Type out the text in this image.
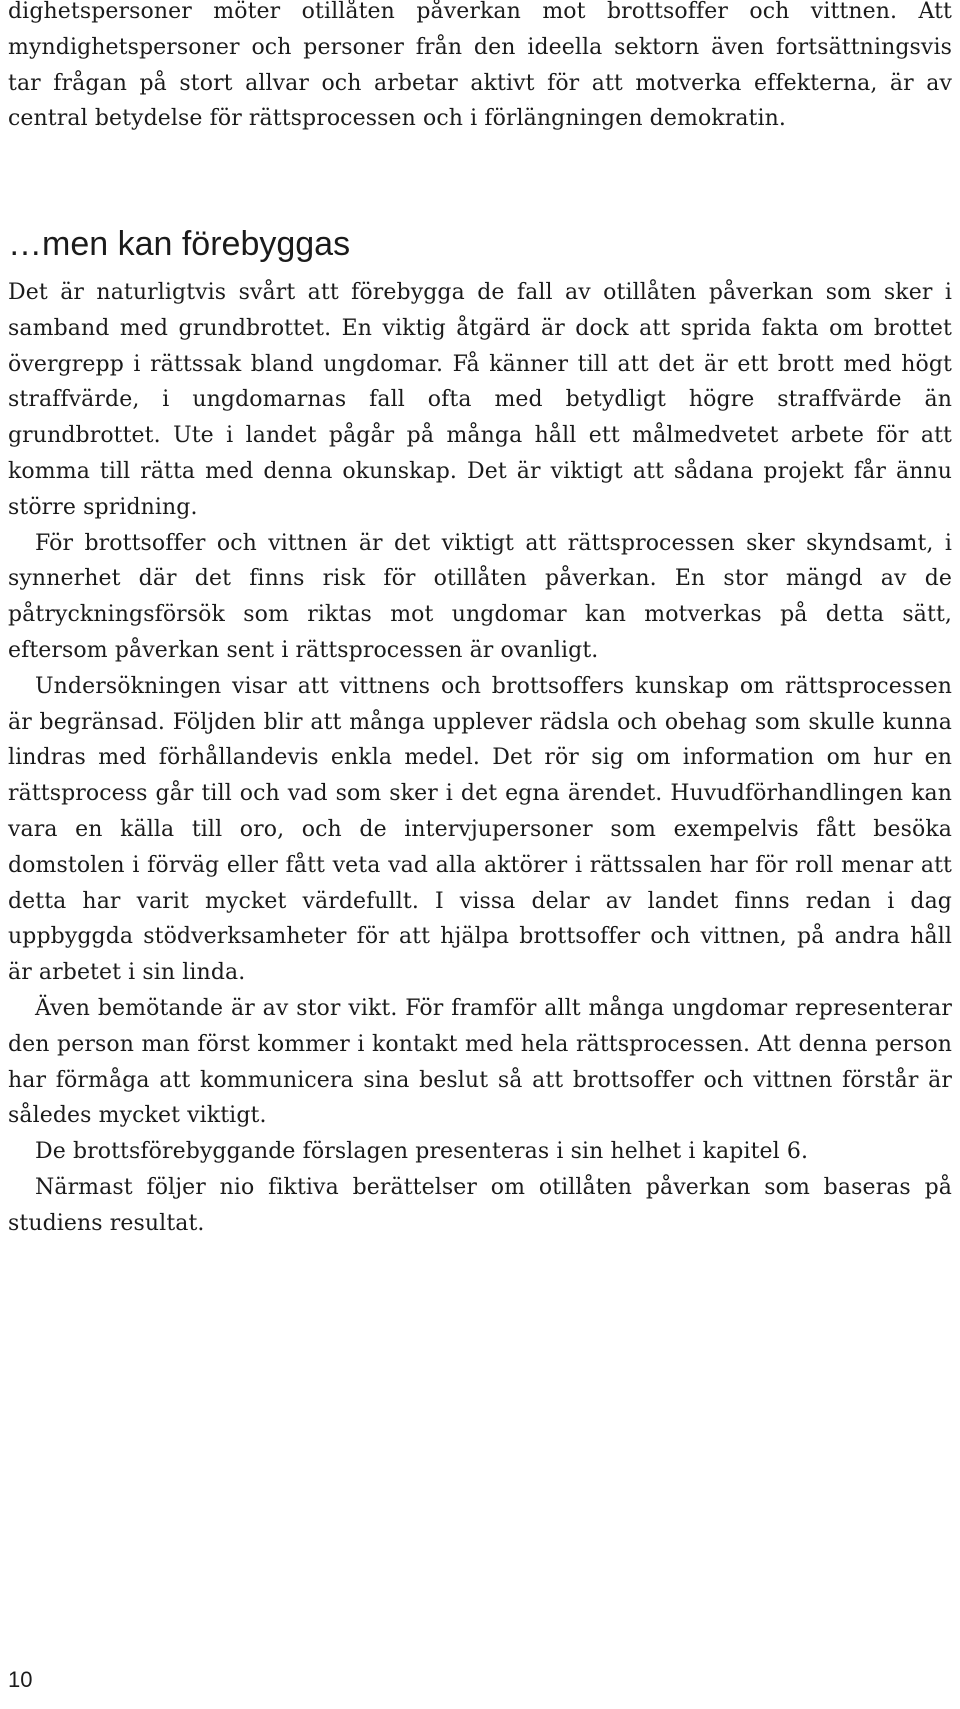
dighetspersoner möter otillåten påverkan mot brottsoffer och vittnen. Att myndighetspersoner och personer från den ideella sektorn även fortsättningsvis tar frågan på stort allvar och arbetar aktivt för att motverka effekterna, är av central betydelse för rättsprocessen och i förlängningen demokratin.

…men kan förebyggas

Det är naturligtvis svårt att förebygga de fall av otillåten påverkan som sker i samband med grundbrottet. En viktig åtgärd är dock att sprida fakta om brottet övergrepp i rättssak bland ungdomar. Få känner till att det är ett brott med högt straffvärde, i ungdomarnas fall ofta med betydligt högre straffvärde än grundbrottet. Ute i landet pågår på många håll ett målmedvetet arbete för att komma till rätta med denna okunskap. Det är viktigt att sådana projekt får ännu större spridning.

För brottsoffer och vittnen är det viktigt att rättsprocessen sker skyndsamt, i synnerhet där det finns risk för otillåten påverkan. En stor mängd av de påtryckningsförsök som riktas mot ungdomar kan motverkas på detta sätt, eftersom påverkan sent i rättsprocessen är ovanligt.

Undersökningen visar att vittnens och brottsoffers kunskap om rättsprocessen är begränsad. Följden blir att många upplever rädsla och obehag som skulle kunna lindras med förhållandevis enkla medel. Det rör sig om information om hur en rättsprocess går till och vad som sker i det egna ärendet. Huvudförhandlingen kan vara en källa till oro, och de intervjupersoner som exempelvis fått besöka domstolen i förväg eller fått veta vad alla aktörer i rättssalen har för roll menar att detta har varit mycket värdefullt. I vissa delar av landet finns redan i dag uppbyggda stödverksamheter för att hjälpa brottsoffer och vittnen, på andra håll är arbetet i sin linda.

Även bemötande är av stor vikt. För framför allt många ungdomar representerar den person man först kommer i kontakt med hela rättsprocessen. Att denna person har förmåga att kommunicera sina beslut så att brottsoffer och vittnen förstår är således mycket viktigt.

De brottsförebyggande förslagen presenteras i sin helhet i kapitel 6.

Närmast följer nio fiktiva berättelser om otillåten påverkan som baseras på studiens resultat.

10
